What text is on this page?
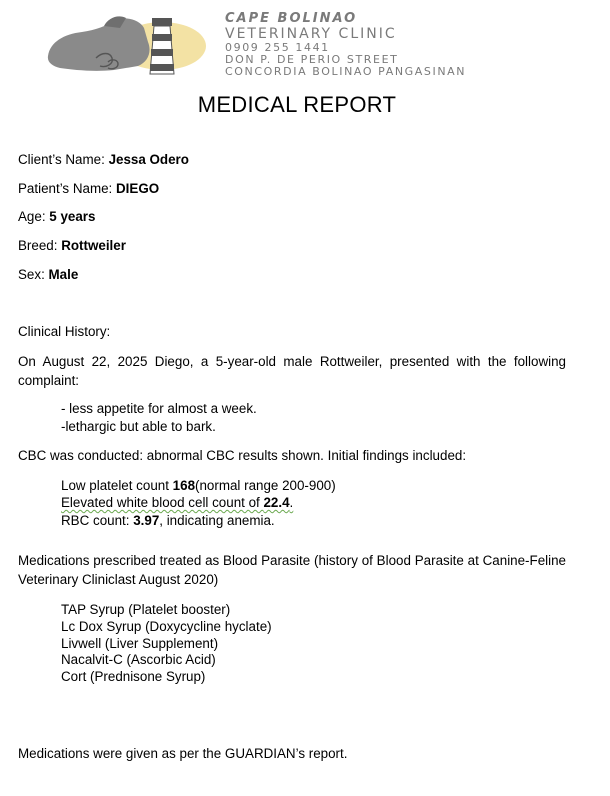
CAPE BOLINAO
VETERINARY CLINIC
0909 255 1441
DON P. DE PERIO STREET
CONCORDIA BOLINAO PANGASINAN
MEDICAL REPORT
Client’s Name: Jessa Odero
Patient’s Name: DIEGO
Age: 5 years
Breed: Rottweiler
Sex: Male
Clinical History:
On August 22, 2025 Diego, a 5-year-old male Rottweiler, presented with the following complaint:
- less appetite for almost a week.
-lethargic but able to bark.
CBC was conducted: abnormal CBC results shown. Initial findings included:
Low platelet count 168(normal range 200-900)
Elevated white blood cell count of 22.4.
RBC count: 3.97, indicating anemia.
Medications prescribed treated as Blood Parasite (history of Blood Parasite at Canine-Feline Veterinary Cliniclast August 2020)
TAP Syrup (Platelet booster)
Lc Dox Syrup (Doxycycline hyclate)
Livwell (Liver Supplement)
Nacalvit-C (Ascorbic Acid)
Cort (Prednisone Syrup)
Medications were given as per the GUARDIAN’s report.
